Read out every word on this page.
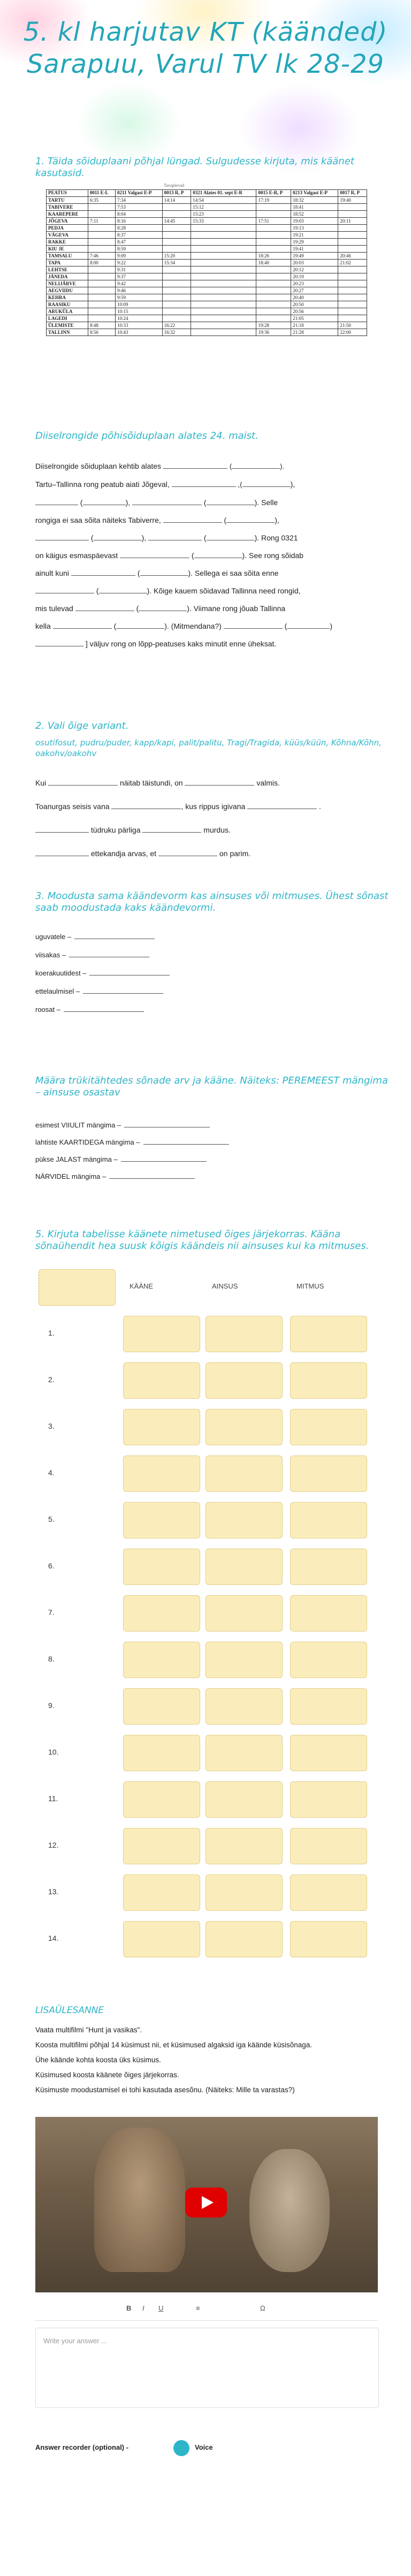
5. kl harjutav KT (käänded) Sarapuu, Varul TV lk 28-29
1. Täida sõiduplaani põhjal lüngad. Sulgudesse kirjuta, mis käänet kasutasid.
Tavapäevad
PEATUS	0011 E-L	0211 Valgast E-P	0013 R, P	0321 Alates 01. sept E-R	0015 E-R, P	0213 Valgast E-P	0017 R, P
TARTU	6:35	7:34	14:14	14:54	17:19	18:32	19:40
TABIVERE		7:53		15:12		18:41	
KAAREPERE		8:04		15:23		18:52	
JÕGEVA	7:11	8:16	14:45	15:33	17:51	19:03	20:11
PEDJA		8:28				19:13	
VÄGEVA		8:37				19:21	
RAKKE		8:47				19:29	
KIU JE		8:59				19:41	
TAMSALU	7:46	9:09	15:20		18:26	19:49	20:46
TAPA	8:00	9:22	15:34		18:40	20:03	21:02
LEHTSE		9:31				20:12	
JÄNEDA		9:37				20:19	
NELIJÄRVE		9:42				20:23	
AEGVIIDU		9:46				20:27	
KEHRA		9:59				20:40	
RAASIKU		10:09				20:50	
ARUKÜLA		10:15				20:56	
LAGEDI		10:24				21:05	
ÜLEMISTE	8:48	10:33	16:22		19:28	21:18	21:50
TALLINN	8:56	10:43	16:32		19:36	21:28	22:00
Diiselrongide põhisõiduplaan alates 24. maist.
Diiselrongide sõiduplaan kehtib alates	(	).
Tartu–Tallinna rong peatub aiati Jõgeval,	,(	),
(	),	(	). Selle
rongiga ei saa sõita näiteks Tabiverre,	(	),
(	),	(	). Rong 0321
on käigus esmaspäevast	(	). See rong sõidab
ainult kuni	(	). Sellega ei saa sõita enne
(	). Kõige kauem sõidavad Tallinna need rongid,
mis tulevad	(	). Viimane rong jõuab Tallinna
kella	(	). (Mitmendana?)	(	)
] väljuv rong on lõpp-peatuses kaks minutit enne üheksat.
2. Vali õige variant.
osutifosut, pudru/puder, kapp/kapi, palit/palitu, Tragi/Tragida, küüs/küün, Kõhna/Kõhn, oakohv/oakohv
Kui	näitab täistundi, on	valmis.
Toanurgas seisis vana	, kus rippus igivana	.
tüdruku pärliga	murdus.
ettekandja arvas, et	on parim.
3. Moodusta sama käändevorm kas ainsuses või mitmuses. Ühest sõnast saab moodustada kaks käändevormi.
uguvatele –
viisakas –
koerakuutidest –
ettelaulmisel –
roosat –
Määra trükitähtedes sõnade arv ja kääne. Näiteks: PEREMEEST mängima – ainsuse osastav
esimest VIIULIT mängima –
lahtiste KAARTIDEGA mängima –
pükse JALAST mängima –
NÄRVIDEL mängima –
5. Kirjuta tabelisse käänete nimetused õiges järjekorras. Kääna sõnaühendit hea suusk kõigis käändeis nii ainsuses kui ka mitmuses.
KÄÄNE	AINSUS	MITMUS
1.
2.
3.
4.
5.
6.
7.
8.
9.
10.
11.
12.
13.
14.
LISAÜLESANNE
Vaata multifilmi "Hunt ja vasikas".
Koosta multifilmi põhjal 14 küsimust nii, et küsimused algaksid iga käände küsisõnaga.
Ühe käände kohta koosta üks küsimus.
Küsimused koosta käänete õiges järjekorras.
Küsimuste moodustamisel ei tohi kasutada asesõnu. (Näiteks: Mille ta varastas?)
B I U	≡	Ω
Write your answer ...
Answer recorder (optional) -	Voice
